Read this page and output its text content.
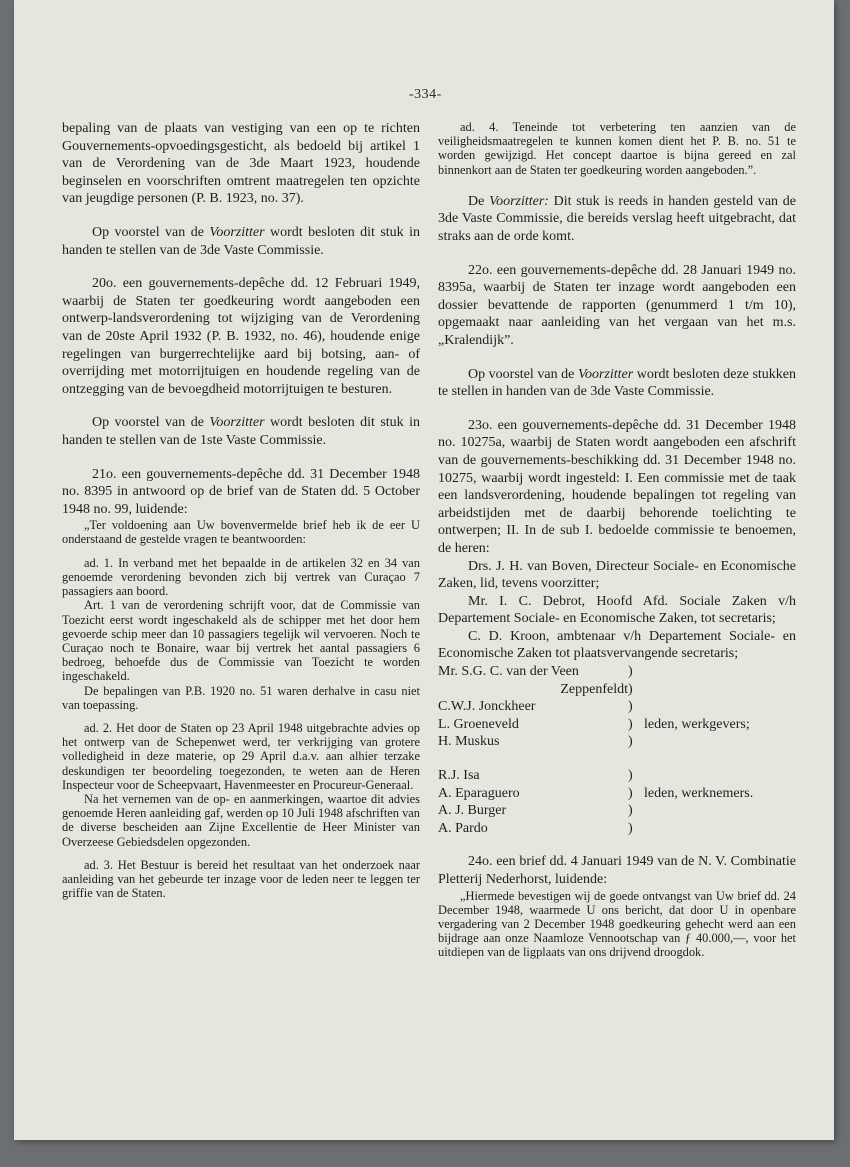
-334-

bepaling van de plaats van vestiging van een op te richten Gouvernements-opvoedingsgesticht, als bedoeld bij artikel 1 van de Verordening van de 3de Maart 1923, houdende beginselen en voorschriften omtrent maatregelen ten opzichte van jeugdige personen (P. B. 1923, no. 37).

Op voorstel van de Voorzitter wordt besloten dit stuk in handen te stellen van de 3de Vaste Commissie.

20o. een gouvernements-depêche dd. 12 Februari 1949, waarbij de Staten ter goedkeuring wordt aangeboden een ontwerp-landsverordening tot wijziging van de Verordening van de 20ste April 1932 (P. B. 1932, no. 46), houdende enige regelingen van burgerrechtelijke aard bij botsing, aan- of overrijding met motorrijtuigen en houdende regeling van de ontzegging van de bevoegdheid motorrijtuigen te besturen.

Op voorstel van de Voorzitter wordt besloten dit stuk in handen te stellen van de 1ste Vaste Commissie.

21o. een gouvernements-depêche dd. 31 December 1948 no. 8395 in antwoord op de brief van de Staten dd. 5 October 1948 no. 99, luidende:

„Ter voldoening aan Uw bovenvermelde brief heb ik de eer U onderstaand de gestelde vragen te beantwoorden:

ad. 1. In verband met het bepaalde in de artikelen 32 en 34 van genoemde verordening bevonden zich bij vertrek van Curaçao 7 passagiers aan boord.

Art. 1 van de verordening schrijft voor, dat de Commissie van Toezicht eerst wordt ingeschakeld als de schipper met het door hem gevoerde schip meer dan 10 passagiers tegelijk wil vervoeren. Noch te Curaçao noch te Bonaire, waar bij vertrek het aantal passagiers 6 bedroeg, behoefde dus de Commissie van Toezicht te worden ingeschakeld.

De bepalingen van P.B. 1920 no. 51 waren derhalve in casu niet van toepassing.

ad. 2. Het door de Staten op 23 April 1948 uitgebrachte advies op het ontwerp van de Schepenwet werd, ter verkrijging van grotere volledigheid in deze materie, op 29 April d.a.v. aan alhier terzake deskundigen ter beoordeling toegezonden, te weten aan de Heren Inspecteur voor de Scheepvaart, Havenmeester en Procureur-Generaal.

Na het vernemen van de op- en aanmerkingen, waartoe dit advies genoemde Heren aanleiding gaf, werden op 10 Juli 1948 afschriften van de diverse bescheiden aan Zijne Excellentie de Heer Minister van Overzeese Gebiedsdelen opgezonden.

ad. 3. Het Bestuur is bereid het resultaat van het onderzoek naar aanleiding van het gebeurde ter inzage voor de leden neer te leggen ter griffie van de Staten.

ad. 4. Teneinde tot verbetering ten aanzien van de veiligheidsmaatregelen te kunnen komen dient het P. B. no. 51 te worden gewijzigd. Het concept daartoe is bijna gereed en zal binnenkort aan de Staten ter goedkeuring worden aangeboden.”.

De Voorzitter: Dit stuk is reeds in handen gesteld van de 3de Vaste Commissie, die bereids verslag heeft uitgebracht, dat straks aan de orde komt.

22o. een gouvernements-depêche dd. 28 Januari 1949 no. 8395a, waarbij de Staten ter inzage wordt aangeboden een dossier bevattende de rapporten (genummerd 1 t/m 10), opgemaakt naar aanleiding van het vergaan van het m.s. „Kralendijk”.

Op voorstel van de Voorzitter wordt besloten deze stukken te stellen in handen van de 3de Vaste Commissie.

23o. een gouvernements-depêche dd. 31 December 1948 no. 10275a, waarbij de Staten wordt aangeboden een afschrift van de gouvernements-beschikking dd. 31 December 1948 no. 10275, waarbij wordt ingesteld: I. Een commissie met de taak een landsverordening, houdende bepalingen tot regeling van arbeidstijden met de daarbij behorende toelichting te ontwerpen; II. In de sub I. bedoelde commissie te benoemen, de heren:

Drs. J. H. van Boven, Directeur Sociale- en Economische Zaken, lid, tevens voorzitter;

Mr. I. C. Debrot, Hoofd Afd. Sociale Zaken v/h Departement Sociale- en Economische Zaken, tot secretaris;

C. D. Kroon, ambtenaar v/h Departement Sociale- en Economische Zaken tot plaatsvervangende secretaris;

Mr. S.G. C. van der Veen	)
Zeppenfeldt )
C.W.J. Jonckheer	)
L. Groeneveld	) leden, werkgevers;
H. Muskus	)
R.J. Isa	)
A. Eparaguero	) leden, werknemers.
A. J. Burger	)
A. Pardo	)

24o. een brief dd. 4 Januari 1949 van de N. V. Combinatie Pletterij Nederhorst, luidende:

„Hiermede bevestigen wij de goede ontvangst van Uw brief dd. 24 December 1948, waarmede U ons bericht, dat door U in openbare vergadering van 2 December 1948 goedkeuring gehecht werd aan een bijdrage aan onze Naamloze Vennootschap van ƒ 40.000,—, voor het uitdiepen van de ligplaats van ons drijvend droogdok.
